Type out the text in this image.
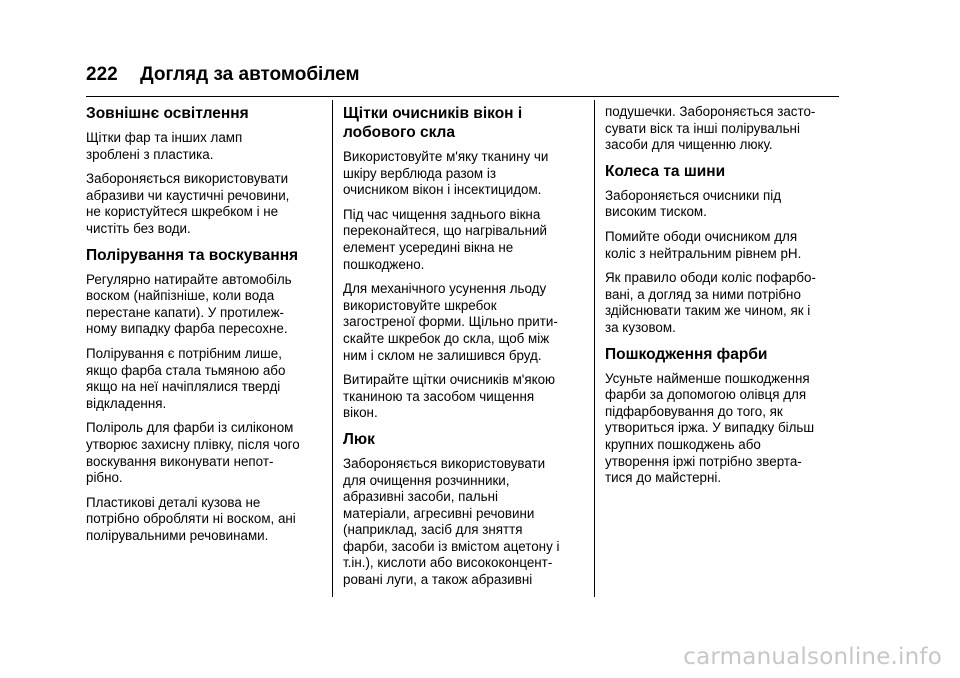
222 Догляд за автомобілем
Зовнішнє освітлення

Щітки фар та інших ламп
зроблені з пластика.

Забороняється використовувати
абразиви чи каустичні речовини,
не користуйтеся шкребком і не
чистіть без води.

Полірування та воскування

Регулярно натирайте автомобіль
воском (найпізніше, коли вода
перестане капати). У протилеж-
ному випадку фарба пересохне.

Полірування є потрібним лише,
якщо фарба стала тьмяною або
якщо на неї начіплялися тверді
відкладення.

Поліроль для фарби із силіконом
утворює захисну плівку, після чого
воскування виконувати непот-
рібно.

Пластикові деталі кузова не
потрібно обробляти ні воском, ані
полірувальними речовинами.

Щітки очисників вікон і
лобового скла

Використовуйте м'яку тканину чи
шкіру верблюда разом із
очисником вікон і інсектицидом.

Під час чищення заднього вікна
переконайтеся, що нагрівальний
елемент усередині вікна не
пошкоджено.

Для механічного усунення льоду
використовуйте шкребок
загостреної форми. Щільно прити-
скайте шкребок до скла, щоб між
ним і склом не залишився бруд.

Витирайте щітки очисників м'якою
тканиною та засобом чищення
вікон.

Люк

Забороняється використовувати
для очищення розчинники,
абразивні засоби, пальні
матеріали, агресивні речовини
(наприклад, засіб для зняття
фарби, засоби із вмістом ацетону і
т.ін.), кислоти або висококонцент-
ровані луги, а також абразивні

подушечки. Забороняється засто-
сувати віск та інші полірувальні
засоби для чищенню люку.

Колеса та шини

Забороняється очисники під
високим тиском.

Помийте ободи очисником для
коліс з нейтральним рівнем pH.

Як правило ободи коліс пофарбо-
вані, а догляд за ними потрібно
здійснювати таким же чином, як і
за кузовом.

Пошкодження фарби

Усуньте найменше пошкодження
фарби за допомогою олівця для
підфарбовування до того, як
утвориться іржа. У випадку більш
крупних пошкоджень або
утворення іржі потрібно зверта-
тися до майстерні.

carmanualsonline.info
